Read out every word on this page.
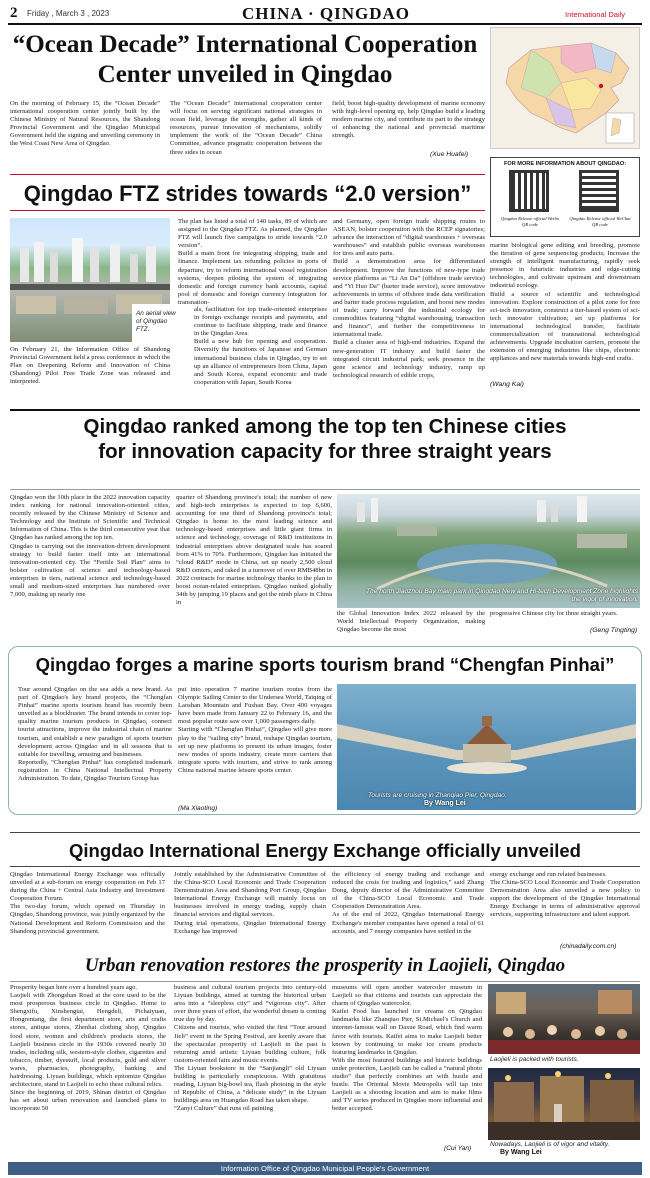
2 Friday , March 3 , 2023	CHINA · QINGDAO	International Daily
“Ocean Decade” International Cooperation Center unveiled in Qingdao
On the morning of February 15, the “Ocean Decade” international cooperation center jointly built by the Chinese Ministry of Natural Resources, the Shandong Provincial Government and the Qingdao Municipal Government held the signing and unveiling ceremony in the West Coast New Area of Qingdao.
The “Ocean Decade” international cooperation center will focus on serving significant national strategies in ocean field, leverage the strengths, gather all kinds of resources, pursue innovation of mechanisms, solidly implement the work of the “Ocean Decade” China Committee, advance pragmatic cooperation between the three sides in ocean
field, boost high-quality development of marine economy with high-level opening up, help Qingdao build a leading modern marine city, and contribute its part to the strategy of enhancing the national and provincial maritime strength.
(Xue Huafei)
FOR MORE INFORMATION ABOUT QINGDAO:
Qingdao Release official Weibo QR code
Qingdao Release official WeChat QR code
Qingdao FTZ strides towards “2.0 version”
An aerial view of Qingdao FTZ.
On February 21, the Information Office of Shandong Provincial Government held a press conference in which the Plan on Deepening Reform and Innovation of China (Shandong) Pilot Free Trade Zone was released and interpreted.
The plan has listed a total of 140 tasks, 89 of which are assigned to the Qingdao FTZ. As planned, the Qingdao FTZ will launch five campaigns to stride towards “2.0 version”.
Build a main front for integrating shipping, trade and finance. Implement tax refunding policies in ports of departure, try to reform international vessel registration systems, deepen piloting the system of integrating domestic and foreign currency bank accounts, capital pool of domestic and foreign currency integration for transnation-
als, facilitation for top trade-oriented enterprises in foreign exchange receipts and payments, and continue to facilitate shipping, trade and finance in the Qingdao Area.
Build a new hub for opening and cooperation. Diversify the functions of Japanese and German international business clubs in Qingdao, try to set up an alliance of entrepreneurs from China, Japan and South Korea, expand economic and trade cooperation with Japan, South Korea
and Germany, open foreign trade shipping routes to ASEAN, bolster cooperation with the RCEP signatories; advance the interaction of “digital warehouses + overseas warehouses” and establish public overseas warehouses for tires and auto parts.
Build a demonstration area for differentiated development. Improve the functions of new-type trade service platforms as “Li An Da” (offshore trade service) and “Yi Huo Da” (barter trade service), score innovative achievements in terms of offshore trade data verification and barter trade process regulation, and boost new modes of trade; carry forward the industrial ecology for commodities featuring “digital warehousing, transaction and finance”, and further the competitiveness in international trade.
Build a cluster area of high-end industries. Expand the new-generation IT industry and build faster the integrated circuit industrial park; seek presence in the gene science and technology industry, ramp up technological research of edible crops,
marine biological gene editing and breeding, promote the iteration of gene sequencing products; Increase the strength of intelligent manufacturing, rapidly seek presence in futuristic industries and edge-cutting technologies, and cultivate upstream and downstream industrial ecology.
Build a source of scientific and technological innovation. Explore construction of a pilot zone for free sci-tech innovation, construct a tier-based system of sci-tech innovator cultivation; set up platforms for international technological transfer, facilitate commercialization of transnational technological achievements. Upgrade incubation carriers, promote the extension of emerging industries like chips, electronic appliances and new materials towards high-end crafts.
(Wang Kai)
Qingdao ranked among the top ten Chinese cities
for innovation capacity for three straight years
Qingdao won the 10th place in the 2022 innovation capacity index ranking for national innovation-oriented cities, recently released by the Chinese Ministry of Science and Technology and the Institute of Scientific and Technical Information of China. This is the third consecutive year that Qingdao has ranked among the top ten.
Qingdao is carrying out the innovation-driven development strategy to build faster itself into an international innovation-oriented city. The “Fertile Soil Plan” aims to bolster cultivation of science and technology-based enterprises in tiers, national science and technology-based small and medium-sized enterprises has numbered over 7,000, making up nearly one
quarter of Shandong province's total; the number of new and high-tech enterprises is expected to top 6,600, accounting for one third of Shandong province's total; Qingdao is home to the most leading science and technology-based enterprises and little giant firms in science and technology, coverage of R&D institutions in industrial enterprises above designated scale has soared from 41% to 70%. Furthermore, Qingdao has initiated the “cloud R&D” mode in China, set up nearly 2,500 cloud R&D centers, and raked in a turnover of over RMB48bn in 2022 contracts for marine technology thanks to the plan to boost ocean-related enterprises. Qingdao ranked globally 34th by jumping 19 places and got the ninth place in China in
The north Jiaozhou Bay main park in Qingdao New and Hi-tech Development Zone highlights the vigor of innovation.
the Global Innovation Index 2022 released by the World Intellectual Property Organization, making Qingdao become the most
progressive Chinese city for three straight years.
(Geng Tingting)
Qingdao forges a marine sports tourism brand “Chengfan Pinhai”
Tour around Qingdao on the sea adds a new brand. As part of Qingdao's key brand projects, the “Chengfan Pinhai” marine sports tourism brand has recently been unveiled as a blockbuster. The brand intends to cover top-quality marine tourism products in Qingdao, connect tourist attractions, improve the industrial chain of marine tourism, and establish a new paradigm of sports tourism development across Qingdao and in all seasons that is suitable for travelling, amusing and businesses.
Reportedly, “Chengfan Pinhai” has completed trademark registration in China National Intellectual Property Administration. To date, Qingdao Tourism Group has
put into operation 7 marine tourism routes from the Olympic Sailing Center to the Undersea World, Taiqing of Laoshan Mountain and Fushan Bay. Over 400 voyages have been made from January 22 to February 16, and the most popular route saw over 1,000 passengers daily.
Starting with “Chengfan Pinhai”, Qingdao will give more play to the “sailing city” brand, reshape Qingdao tourism, set up new platforms to present its urban images, foster new modes of sports industry, create more carriers that integrate sports with tourism, and strive to rank among China national marine leisure sports center.
(Ma Xiaoting)
Tourists are cruising in Zhanqiao Pier, Qingdao.
By Wang Lei
Qingdao International Energy Exchange officially unveiled
Qingdao International Energy Exchange was officially unveiled at a sub-forum on energy cooperation on Feb 17 during the China + Central Asia Industry and Investment Cooperation Forum.
The two-day forum, which opened on Thursday in Qingdao, Shandong province, was jointly organized by the National Development and Reform Commission and the Shandong provincial government.
Jointly established by the Administrative Committee of the China-SCO Local Economic and Trade Cooperation Demonstration Area and Shandong Port Group, Qingdao International Energy Exchange will mainly focus on businesses involved in energy trading, supply chain financial services and digital services.
During trial operations, Qingdao International Energy Exchange has improved
the efficiency of energy trading and exchange and reduced the costs for trading and logistics,” said Zhang Dong, deputy director of the Administrative Committee of the China-SCO Local Economic and Trade Cooperation Demonstration Area.
As of the end of 2022, Qingdao International Energy Exchange's member companies have opened a total of 61 accounts, and 7 energy companies have settled in the
energy exchange and run related businesses.
The China-SCO Local Economic and Trade Cooperation Demonstration Area also unveiled a new policy to support the development of the Qingdao International Energy Exchange in terms of administrative approval services, supporting infrastructure and talent support.
(chinadaily.com.cn)
Urban renovation restores the prosperity in Laojieli, Qingdao
Prosperity began here over a hundred years ago.
Laojieli with Zhongshan Road at the core used to be the most prosperous business circle in Qingdao. Home to Shengxifu, Xinshengtai, Hengdeli, Pichaiyuan, Hongrentang, the first department store, arts and crafts stores, antique stores, Zhenhai clothing shop, Qingdao food store, women and children's products stores, the Laojieli business circle in the 1930s covered nearly 30 trades, including silk, western-style clothes, cigarettes and tobacco, timber, dyestuff, local products, gold and silver wares, pharmacies, photography, banking and hairdressing. Liyuan buildings, which epitomize Qingdao architecture, stand in Laojieli to echo these cultural relics.
Since the beginning of 2019, Shinan district of Qingdao has set about urban renovation and launched plans to incorporate 50
business and cultural tourism projects into century-old Liyuan buildings, aimed at turning the historical urban area into a “sleepless city” and “vigorous city”. After over three years of effort, the wonderful dream is coming true day by day.
Citizens and tourists, who visited the first “Tour around Jieli” event in the Spring Festival, are keenly aware that the spectacular prosperity of Laojieli in the past is returning amid artistic Liyuan building culture, folk custom-oriented fairs and music events.
The Liyuan bookstore in the “Sanjiangli” old Liyuan building is particularly conspicuous. With gratuitous reading, Liyuan big-bowl tea, flash photoing in the style of Republic of China, a “delicate study” in the Liyuan buildings area on Huangdao Road has taken shape.
“Zanyi Culture” that runs oil painting
museums will open another watercolor museum in Laojieli so that citizens and tourists can appreciate the charm of Qingdao watercolor.
Kaifei Food has launched ice creams on Qingdao landmarks like Zhanqiao Pier, St.Michael's Church and internet-famous wall on Daxue Road, which find warm favor with tourists. Kaifei aims to make Laojieli better known by continuing to make ice cream products featuring landmarks in Qingdao.
With the most featured buildings and historic buildings under protection, Laojieli can be called a “natural photo studio” that perfectly combines art with hustle and bustle. The Oriental Movie Metropolis will tap into Laojieli as a shooting location and aim to make films and TV series produced in Qingdao more influential and better accepted.
(Cui Yan)
Laojieli is packed with tourists.
Nowadays, Laojieli is of vigor and vitality.
By Wang Lei
Information Office of Qingdao Municipal People's Government
